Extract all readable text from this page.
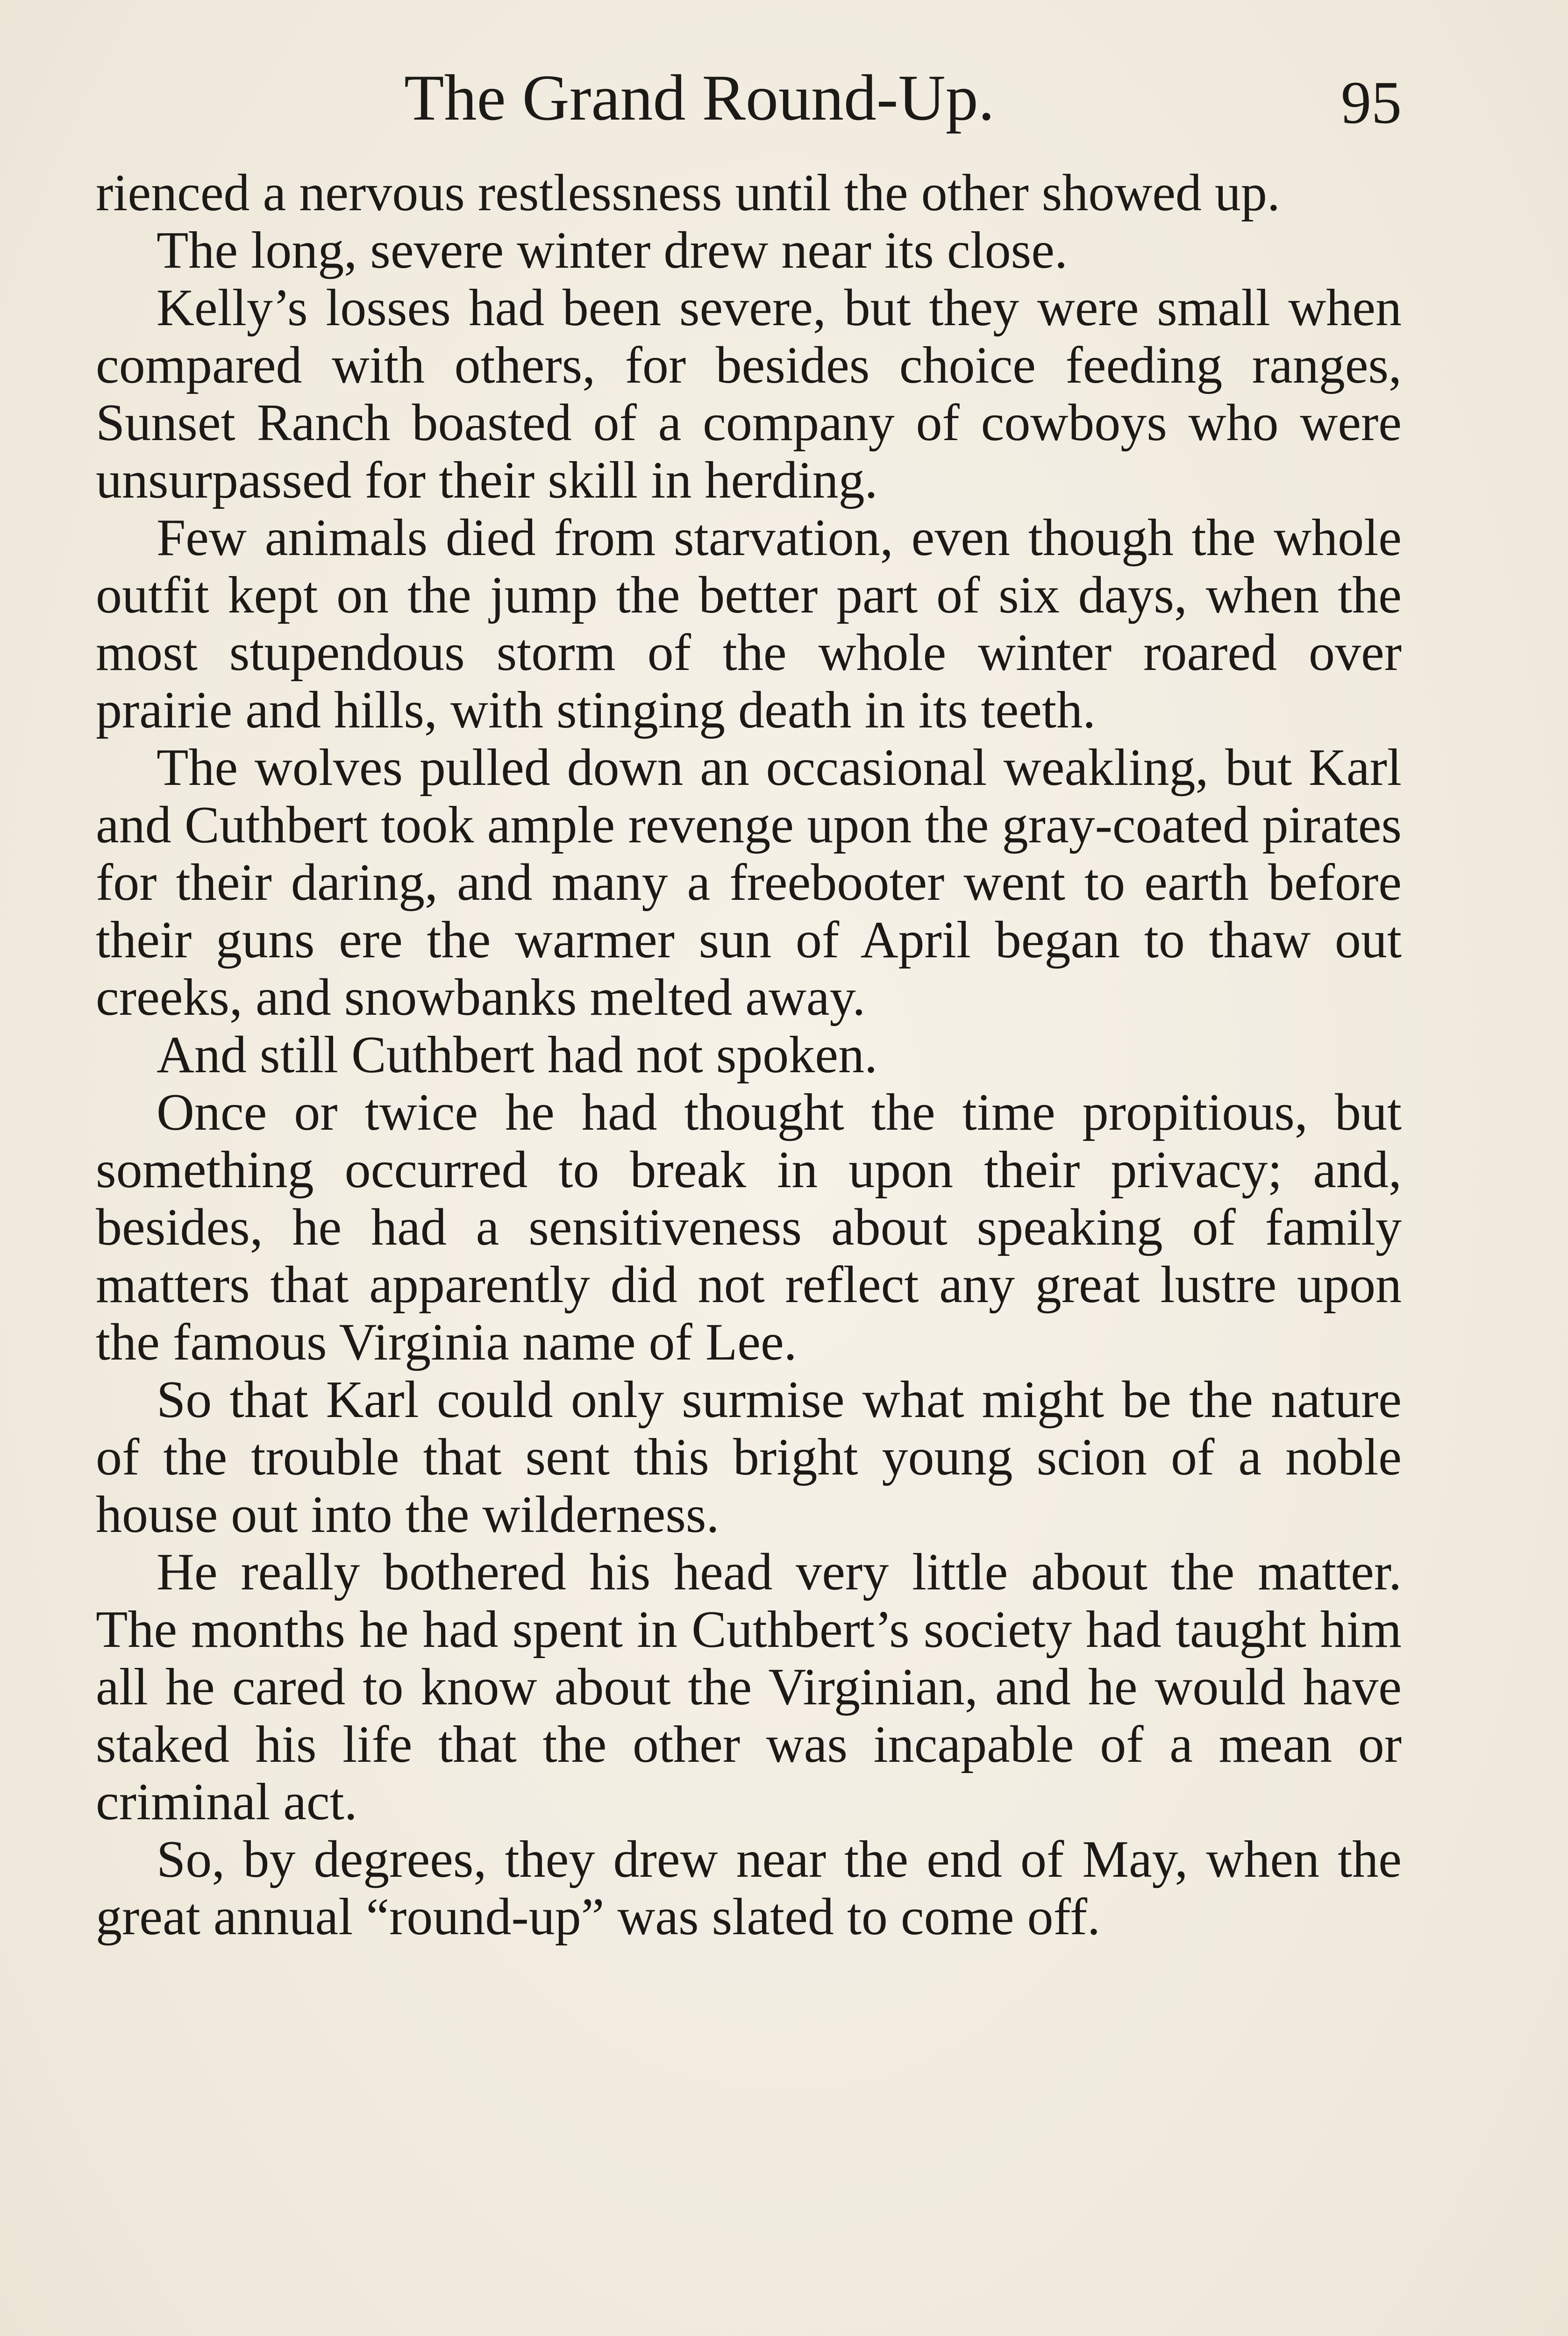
The Grand Round-Up.	95

rienced a nervous restlessness until the other showed up.

The long, severe winter drew near its close.

Kelly’s losses had been severe, but they were small when compared with others, for besides choice feeding ranges, Sunset Ranch boasted of a company of cowboys who were unsurpassed for their skill in herding.

Few animals died from starvation, even though the whole outfit kept on the jump the better part of six days, when the most stupendous storm of the whole winter roared over prairie and hills, with stinging death in its teeth.

The wolves pulled down an occasional weakling, but Karl and Cuthbert took ample revenge upon the gray-coated pirates for their daring, and many a freebooter went to earth before their guns ere the warmer sun of April began to thaw out creeks, and snowbanks melted away.

And still Cuthbert had not spoken.

Once or twice he had thought the time propitious, but something occurred to break in upon their privacy; and, besides, he had a sensitiveness about speaking of family matters that apparently did not reflect any great lustre upon the famous Virginia name of Lee.

So that Karl could only surmise what might be the nature of the trouble that sent this bright young scion of a noble house out into the wilderness.

He really bothered his head very little about the matter. The months he had spent in Cuthbert’s society had taught him all he cared to know about the Virginian, and he would have staked his life that the other was incapable of a mean or criminal act.

So, by degrees, they drew near the end of May, when the great annual “round-up” was slated to come off.
